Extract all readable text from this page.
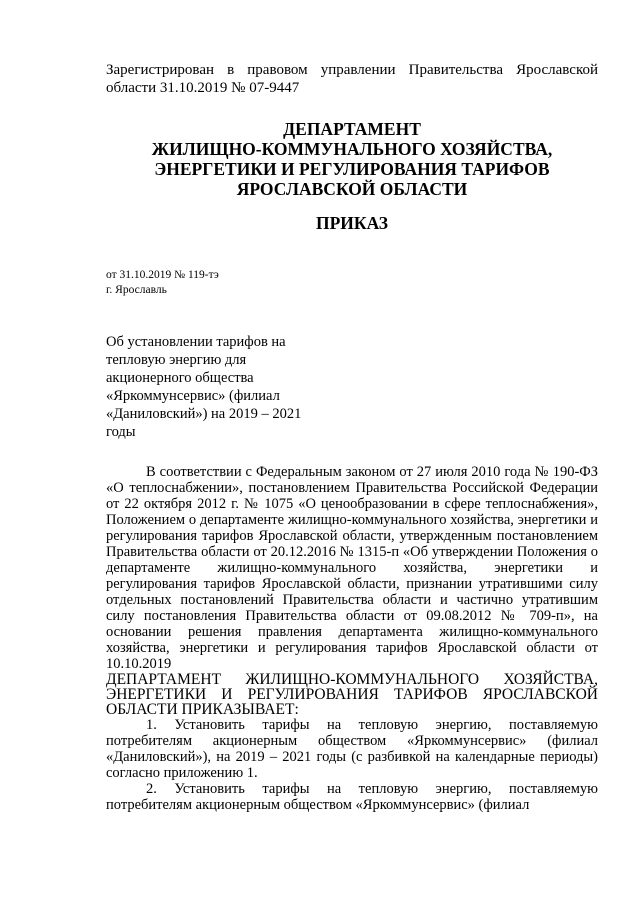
Зарегистрирован в правовом управлении Правительства Ярославской области 31.10.2019 № 07-9447
ДЕПАРТАМЕНТ
ЖИЛИЩНО-КОММУНАЛЬНОГО ХОЗЯЙСТВА,
ЭНЕРГЕТИКИ И РЕГУЛИРОВАНИЯ ТАРИФОВ
ЯРОСЛАВСКОЙ ОБЛАСТИ
ПРИКАЗ
от 31.10.2019 № 119-тэ
г. Ярославль
Об установлении тарифов на тепловую энергию для акционерного общества «Яркоммунсервис» (филиал «Даниловский») на 2019 – 2021 годы

В соответствии с Федеральным законом от 27 июля 2010 года № 190-ФЗ «О теплоснабжении», постановлением Правительства Российской Федерации от 22 октября 2012 г. № 1075 «О ценообразовании в сфере теплоснабжения», Положением о департаменте жилищно-коммунального хозяйства, энергетики и регулирования тарифов Ярославской области, утвержденным постановлением Правительства области от 20.12.2016 № 1315-п «Об утверждении Положения о департаменте жилищно-коммунального хозяйства, энергетики и регулирования тарифов Ярославской области, признании утратившими силу отдельных постановлений Правительства области и частично утратившим силу постановления Правительства области от 09.08.2012 № 709-п», на основании решения правления департамента жилищно-коммунального хозяйства, энергетики и регулирования тарифов Ярославской области от 10.10.2019

ДЕПАРТАМЕНТ ЖИЛИЩНО-КОММУНАЛЬНОГО ХОЗЯЙСТВА, ЭНЕРГЕТИКИ И РЕГУЛИРОВАНИЯ ТАРИФОВ ЯРОСЛАВСКОЙ ОБЛАСТИ ПРИКАЗЫВАЕТ:

1. Установить тарифы на тепловую энергию, поставляемую потребителям акционерным обществом «Яркоммунсервис» (филиал «Даниловский»), на 2019 – 2021 годы (с разбивкой на календарные периоды) согласно приложению 1.

2. Установить тарифы на тепловую энергию, поставляемую потребителям акционерным обществом «Яркоммунсервис» (филиал
